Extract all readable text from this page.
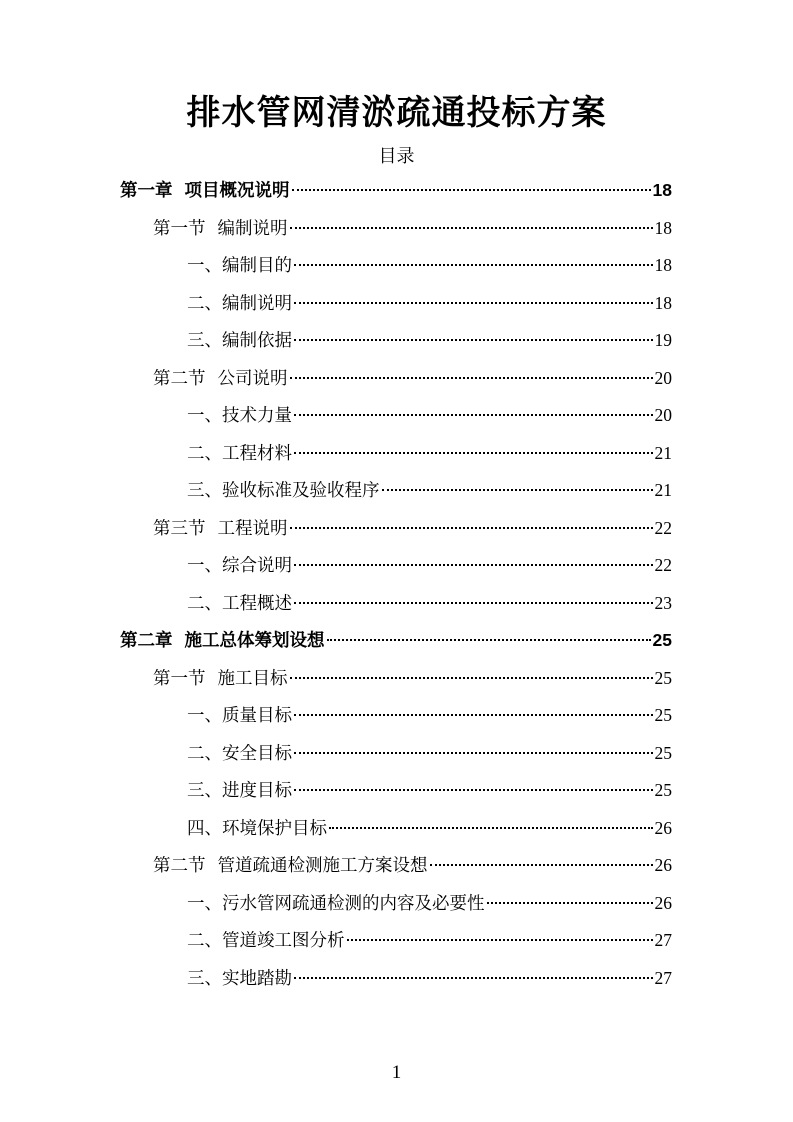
排水管网清淤疏通投标方案
目录
第一章 项目概况说明	18
第一节 编制说明	18
一、编制目的	18
二、编制说明	18
三、编制依据	19
第二节 公司说明	20
一、技术力量	20
二、工程材料	21
三、验收标准及验收程序	21
第三节 工程说明	22
一、综合说明	22
二、工程概述	23
第二章 施工总体筹划设想	25
第一节 施工目标	25
一、质量目标	25
二、安全目标	25
三、进度目标	25
四、环境保护目标	26
第二节 管道疏通检测施工方案设想	26
一、污水管网疏通检测的内容及必要性	26
二、管道竣工图分析	27
三、实地踏勘	27
1
